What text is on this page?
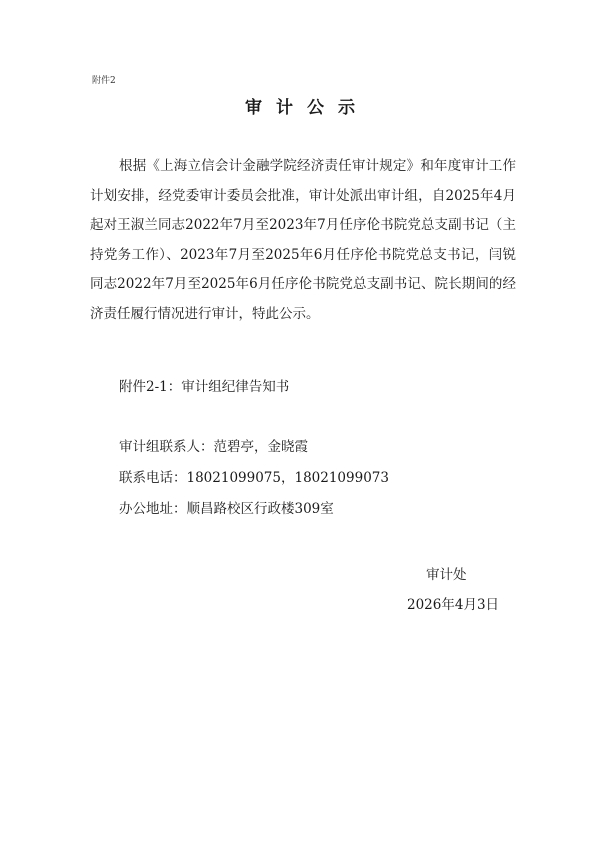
附件2
审计公示

根据《上海立信会计金融学院经济责任审计规定》和年度审计工作计划安排，经党委审计委员会批准，审计处派出审计组，自2025年4月起对王淑兰同志2022年7月至2023年7月任序伦书院党总支副书记（主持党务工作）、2023年7月至2025年6月任序伦书院党总支书记，闫锐同志2022年7月至2025年6月任序伦书院党总支副书记、院长期间的经济责任履行情况进行审计，特此公示。

附件2-1：审计组纪律告知书
审计组联系人：范碧亭，金晓霞
联系电话：18021099075，18021099073
办公地址：顺昌路校区行政楼309室
审计处
2026年4月3日
